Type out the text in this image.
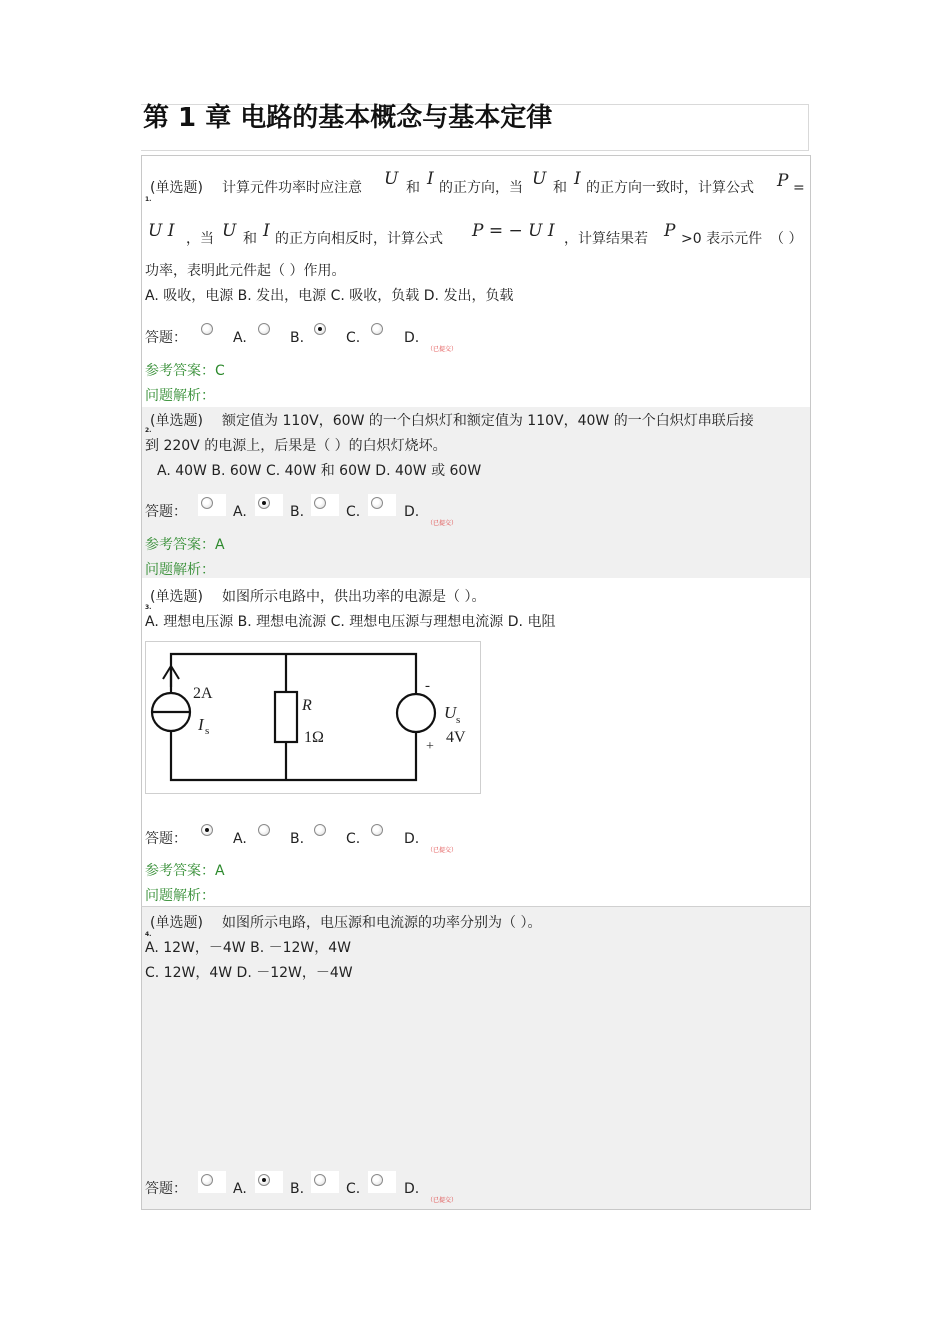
第 1 章 电路的基本概念与基本定律
1.
(单选题) 计算元件功率时应注意 U 和 I 的正方向，当 U 和 I 的正方向一致时，计算公式 P =
U I ，当 U 和 I 的正方向相反时，计算公式 P = − U I ，计算结果若 P >0 表示元件 （ ）
功率，表明此元件起（ ）作用。
A. 吸收，电源 B. 发出，电源 C. 吸收，负载 D. 发出，负载
答题：	A.	B.	C.	D.
（已提交）
参考答案：C
问题解析：
2.
(单选题) 额定值为 110V，60W 的一个白炽灯和额定值为 110V，40W 的一个白炽灯串联后接
到 220V 的电源上，后果是（ ）的白炽灯烧坏。
A. 40W B. 60W C. 40W 和 60W D. 40W 或 60W
答题：	A.	B.	C.	D.
（已提交）
参考答案：A
问题解析：
3.
(单选题) 如图所示电路中，供出功率的电源是（ ）。
A. 理想电压源 B. 理想电流源 C. 理想电压源与理想电流源 D. 电阻
答题：	A.	B.	C.	D.
（已提交）
参考答案：A
问题解析：
2A
I s
R
1Ω
-
U s
4V
+
4.
(单选题) 如图所示电路，电压源和电流源的功率分别为（ ）。
A. 12W，－4W B. －12W，4W
C. 12W，4W D. －12W，－4W
答题：	A.	B.	C.	D.
（已提交）
